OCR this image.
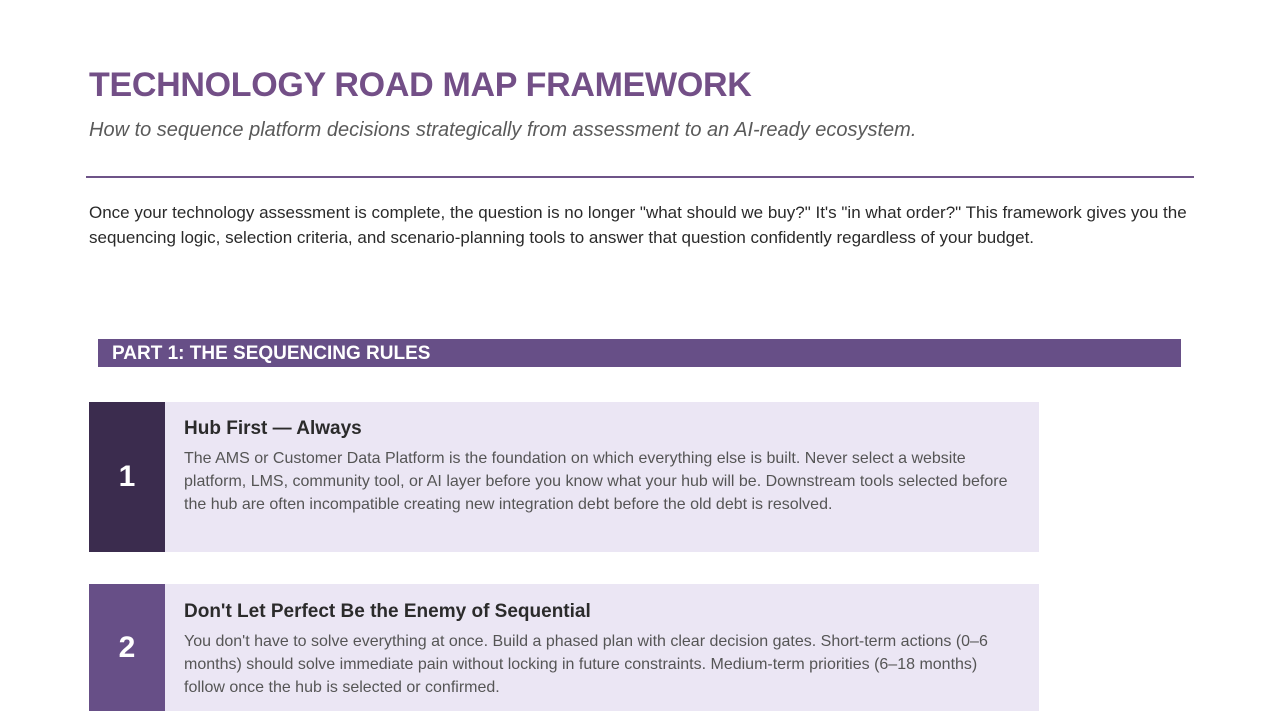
TECHNOLOGY ROAD MAP FRAMEWORK

How to sequence platform decisions strategically from assessment to an AI-ready ecosystem.

Once your technology assessment is complete, the question is no longer "what should we buy?" It's "in what order?" This framework gives you the sequencing logic, selection criteria, and scenario-planning tools to answer that question confidently regardless of your budget.

PART 1: THE SEQUENCING RULES
1
Hub First — Always

The AMS or Customer Data Platform is the foundation on which everything else is built. Never select a website platform, LMS, community tool, or AI layer before you know what your hub will be. Downstream tools selected before the hub are often incompatible creating new integration debt before the old debt is resolved.

2
Don't Let Perfect Be the Enemy of Sequential

You don't have to solve everything at once. Build a phased plan with clear decision gates. Short-term actions (0–6 months) should solve immediate pain without locking in future constraints. Medium-term priorities (6–18 months) follow once the hub is selected or confirmed.
